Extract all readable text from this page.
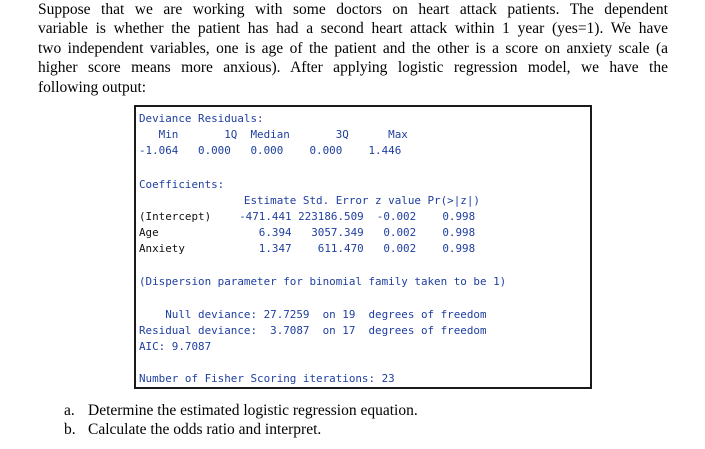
Suppose that we are working with some doctors on heart attack patients. The dependent
variable is whether the patient has had a second heart attack within 1 year (yes=1). We have
two independent variables, one is age of the patient and the other is a score on anxiety scale (a
higher score means more anxious). After applying logistic regression model, we have the
following output:
Deviance Residuals:
Min       1Q  Median       3Q      Max
-1.064   0.000   0.000    0.000    1.446
Coefficients:
Estimate Std. Error z value Pr(>|z|)
(Intercept) -471.441 223186.509  -0.002    0.998
Age 6.394   3057.349   0.002    0.998
Anxiety 1.347    611.470   0.002    0.998
(Dispersion parameter for binomial family taken to be 1)
Null deviance: 27.7259  on 19  degrees of freedom
Residual deviance:  3.7087  on 17  degrees of freedom
AIC: 9.7087
Number of Fisher Scoring iterations: 23
a. Determine the estimated logistic regression equation.
b. Calculate the odds ratio and interpret.
